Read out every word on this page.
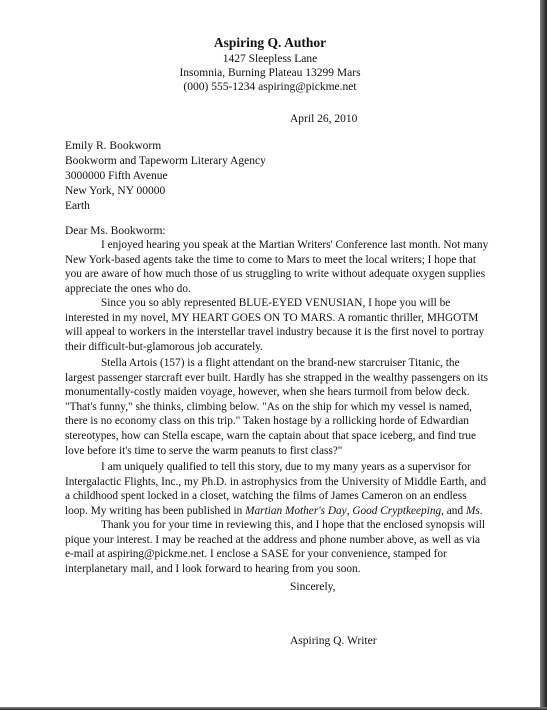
Aspiring Q. Author
1427 Sleepless Lane
Insomnia, Burning Plateau 13299 Mars
(000) 555-1234 aspiring@pickme.net
April 26, 2010
Emily R. Bookworm
Bookworm and Tapeworm Literary Agency
3000000 Fifth Avenue
New York, NY 00000
Earth
Dear Ms. Bookworm:

I enjoyed hearing you speak at the Martian Writers' Conference last month. Not many New York-based agents take the time to come to Mars to meet the local writers; I hope that you are aware of how much those of us struggling to write without adequate oxygen supplies appreciate the ones who do.

Since you so ably represented BLUE-EYED VENUSIAN, I hope you will be interested in my novel, MY HEART GOES ON TO MARS. A romantic thriller, MHGOTM will appeal to workers in the interstellar travel industry because it is the first novel to portray their difficult-but-glamorous job accurately.

Stella Artois (157) is a flight attendant on the brand-new starcruiser Titanic, the largest passenger starcraft ever built. Hardly has she strapped in the wealthy passengers on its monumentally-costly maiden voyage, however, when she hears turmoil from below deck. "That's funny," she thinks, climbing below. "As on the ship for which my vessel is named, there is no economy class on this trip." Taken hostage by a rollicking horde of Edwardian stereotypes, how can Stella escape, warn the captain about that space iceberg, and find true love before it's time to serve the warm peanuts to first class?"

I am uniquely qualified to tell this story, due to my many years as a supervisor for Intergalactic Flights, Inc., my Ph.D. in astrophysics from the University of Middle Earth, and a childhood spent locked in a closet, watching the films of James Cameron on an endless loop. My writing has been published in Martian Mother's Day, Good Cryptkeeping, and Ms.

Thank you for your time in reviewing this, and I hope that the enclosed synopsis will pique your interest. I may be reached at the address and phone number above, as well as via e-mail at aspiring@pickme.net. I enclose a SASE for your convenience, stamped for interplanetary mail, and I look forward to hearing from you soon.

Sincerely,
Aspiring Q. Writer
